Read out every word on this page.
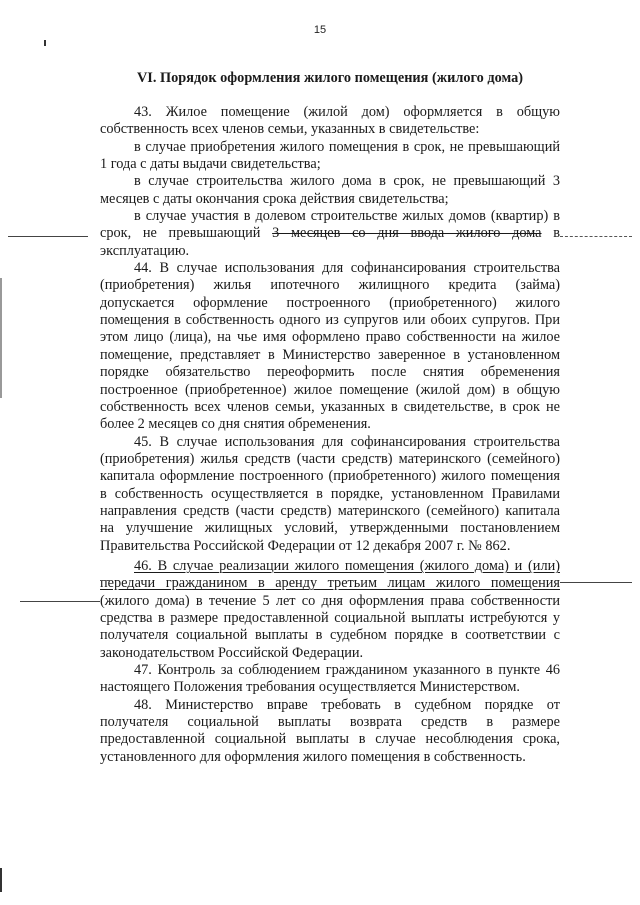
15
VI. Порядок оформления жилого помещения (жилого дома)

43. Жилое помещение (жилой дом) оформляется в общую собственность всех членов семьи, указанных в свидетельстве:

в случае приобретения жилого помещения в срок, не превышающий 1 года с даты выдачи свидетельства;

в случае строительства жилого дома в срок, не превышающий 3 месяцев с даты окончания срока действия свидетельства;

в случае участия в долевом строительстве жилых домов (квартир) в срок, не превышающий 3 месяцев со дня ввода жилого дома в эксплуатацию.

44. В случае использования для софинансирования строительства (приобретения) жилья ипотечного жилищного кредита (займа) допускается оформление построенного (приобретенного) жилого помещения в собственность одного из супругов или обоих супругов. При этом лицо (лица), на чье имя оформлено право собственности на жилое помещение, представляет в Министерство заверенное в установленном порядке обязательство переоформить после снятия обременения построенное (приобретенное) жилое помещение (жилой дом) в общую собственность всех членов семьи, указанных в свидетельстве, в срок не более 2 месяцев со дня снятия обременения.

45. В случае использования для софинансирования строительства (приобретения) жилья средств (части средств) материнского (семейного) капитала оформление построенного (приобретенного) жилого помещения в собственность осуществляется в порядке, установленном Правилами направления средств (части средств) материнского (семейного) капитала на улучшение жилищных условий, утвержденными постановлением Правительства Российской Федерации от 12 декабря 2007 г. № 862.

46. В случае реализации жилого помещения (жилого дома) и (или) передачи гражданином в аренду третьим лицам жилого помещения (жилого дома) в течение 5 лет со дня оформления права собственности средства в размере предоставленной социальной выплаты истребуются у получателя социальной выплаты в судебном порядке в соответствии с законодательством Российской Федерации.

47. Контроль за соблюдением гражданином указанного в пункте 46 настоящего Положения требования осуществляется Министерством.

48. Министерство вправе требовать в судебном порядке от получателя социальной выплаты возврата средств в размере предоставленной социальной выплаты в случае несоблюдения срока, установленного для оформления жилого помещения в собственность.
